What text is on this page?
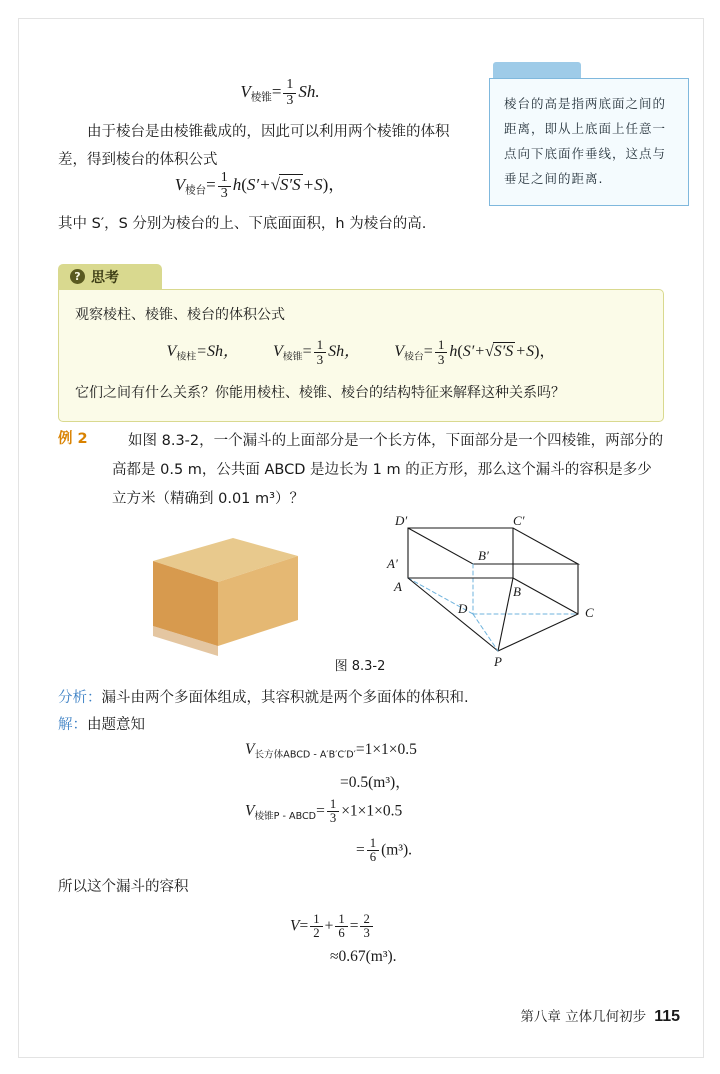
$V_{棱锥}= \frac{1}{3} Sh$.
棱台的高是指两底面之间的距离，即从上底面上任意一点向下底面作垂线，这点与垂足之间的距离.
由于棱台是由棱锥截成的，因此可以利用两个棱锥的体积差，得到棱台的体积公式
$V_{棱台}= \frac{1}{3} h(S'+√S'S +S)$，
其中 S′，S 分别为棱台的上、下底面面积，h 为棱台的高.
? 思考
观察棱柱、棱锥、棱台的体积公式
$V_{棱柱}=Sh$， $V_{棱锥}= \frac{1}{3}$ Sh， $V_{棱台}= \frac{1}{3} h(S'+√S'S +S)$，
它们之间有什么关系？你能用棱柱、棱锥、棱台的结构特征来解释这种关系吗？
例 2	如图 8.3-2，一个漏斗的上面部分是一个长方体，下面部分是一个四棱锥，两部分的高都是 0.5 m，公共面 ABCD 是边长为 1 m 的正方形，那么这个漏斗的容积是多少立方米（精确到 0.01 m³）？
D′	C′
A′
B′
D	C
A	B
P
图 8.3-2
分析：漏斗由两个多面体组成，其容积就是两个多面体的体积和.
解：由题意知
$V_{长方体ABCD - A'B'C'D'}=1\times 1\times 0.5$
=0.5(m³)，
$V_{棱锥P - ABCD}= \frac{1}{3} \times 1\times 1\times 0.5$
= $\frac{1}{6} (m^3)$.
所以这个漏斗的容积
$V= \frac{1}{2} + \frac{1}{6} = \frac{2}{3}$
≈0.67(m³).
第八章 立体几何初步 115
